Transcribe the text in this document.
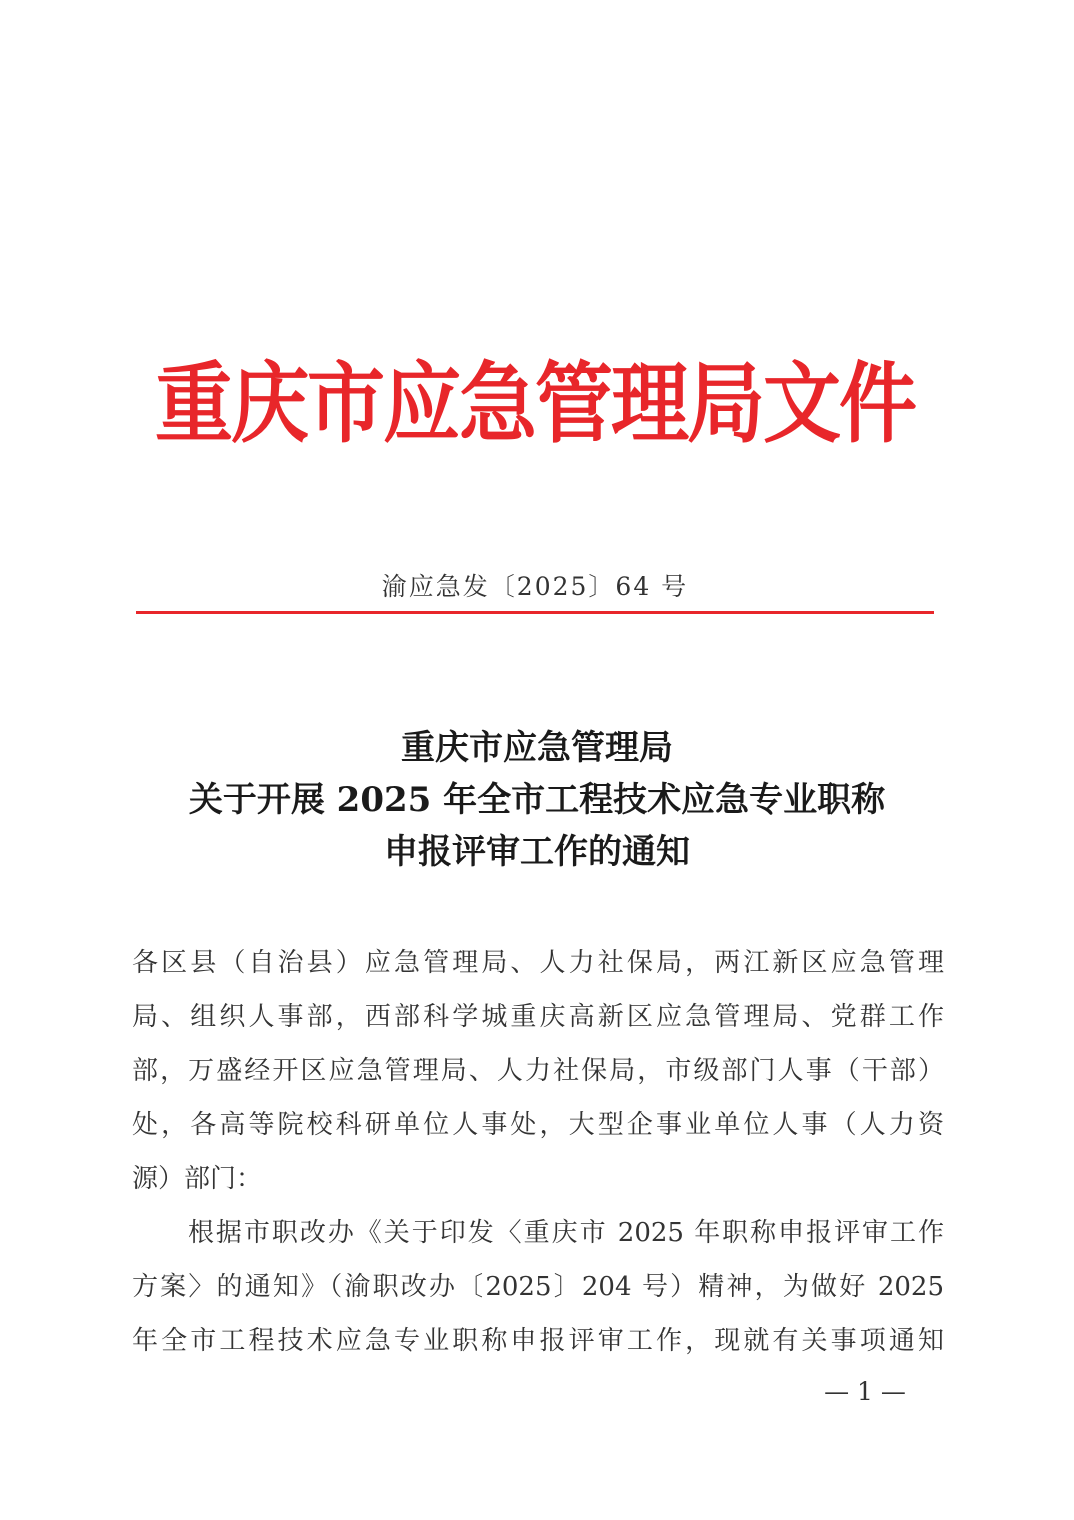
重庆市应急管理局文件
渝应急发〔2025〕64 号
重庆市应急管理局
关于开展 2025 年全市工程技术应急专业职称
申报评审工作的通知
各区县（自治县）应急管理局、人力社保局，两江新区应急管理
局、组织人事部，西部科学城重庆高新区应急管理局、党群工作
部，万盛经开区应急管理局、人力社保局，市级部门人事（干部）
处，各高等院校科研单位人事处，大型企事业单位人事（人力资
源）部门：
　　根据市职改办《关于印发〈重庆市 2025 年职称申报评审工作
方案〉的通知》（渝职改办〔2025〕204 号）精神，为做好 2025
年全市工程技术应急专业职称申报评审工作，现就有关事项通知
— 1 —
